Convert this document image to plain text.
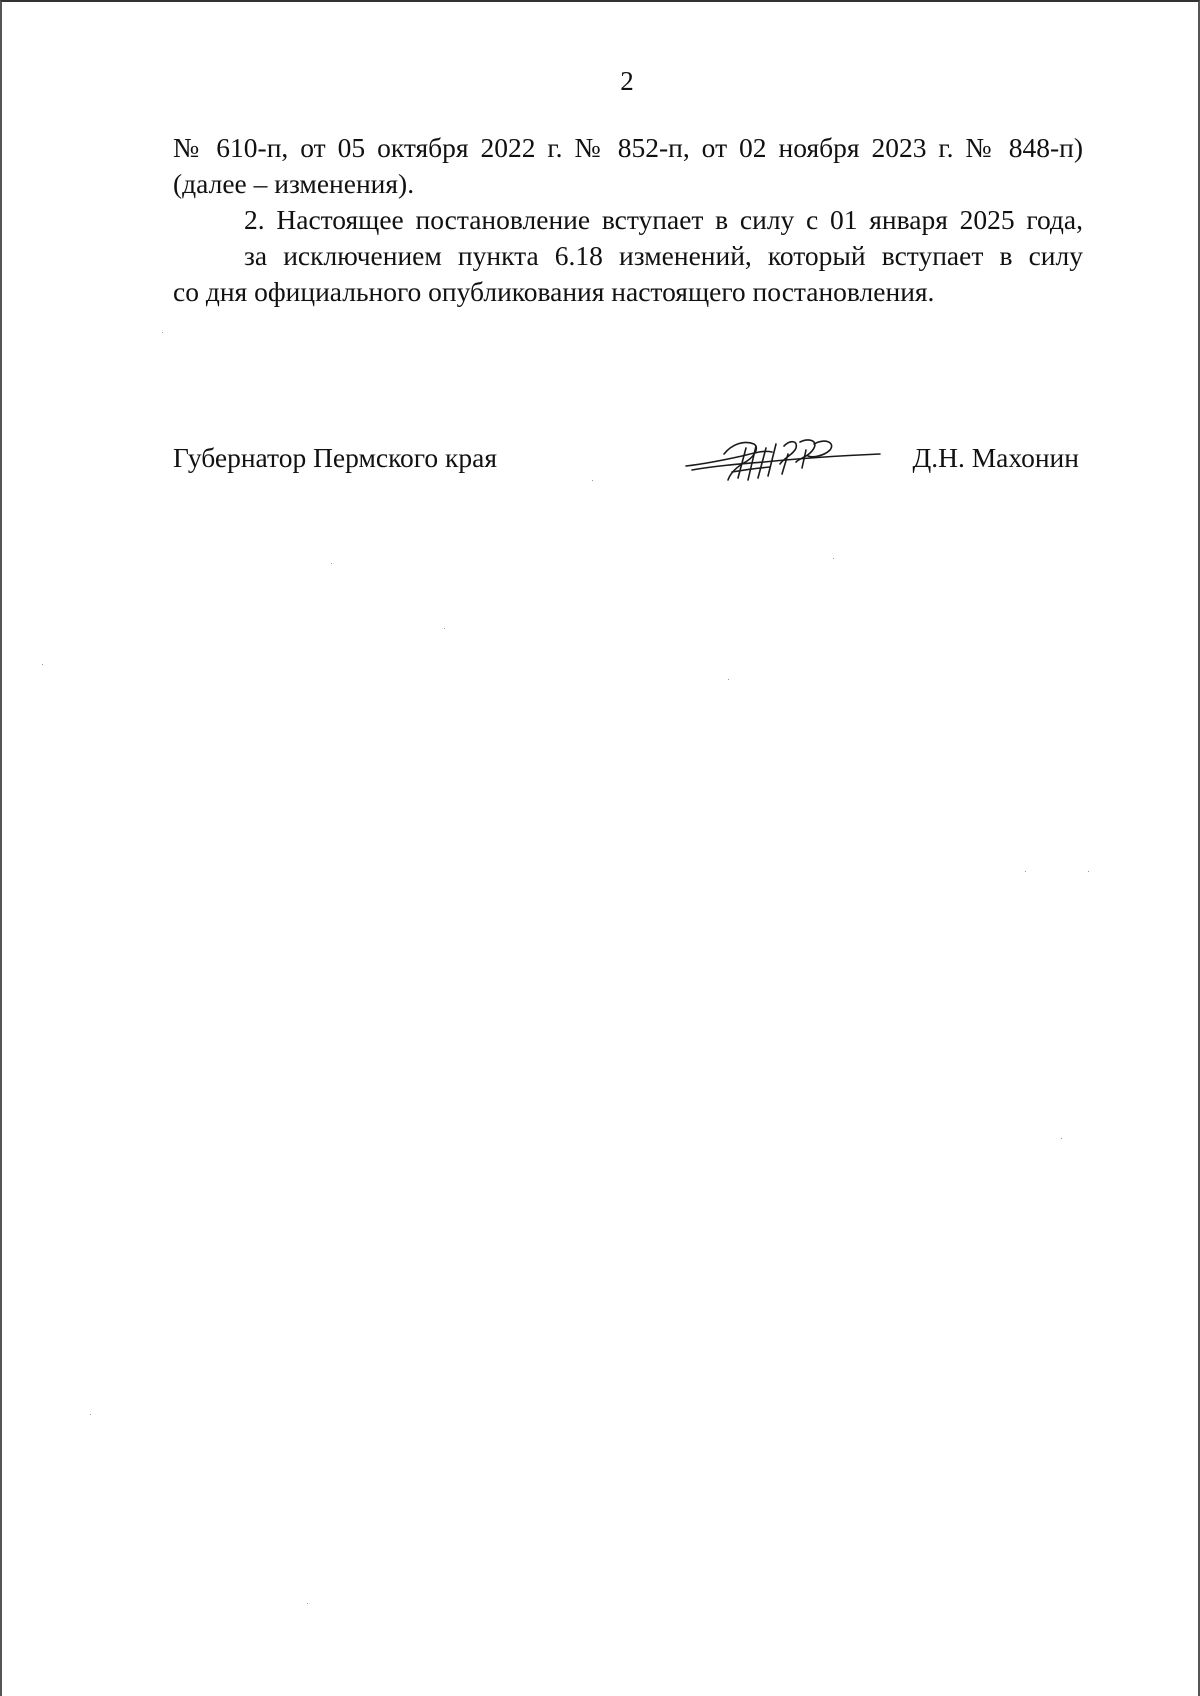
2

№ 610-п, от 05 октября 2022 г. № 852-п, от 02 ноября 2023 г. № 848-п)
(далее – изменения).

2. Настоящее постановление вступает в силу с 01 января 2025 года,
за исключением пункта 6.18 изменений, который вступает в силу
со дня официального опубликования настоящего постановления.

Губернатор Пермского края	Д.Н. Махонин
